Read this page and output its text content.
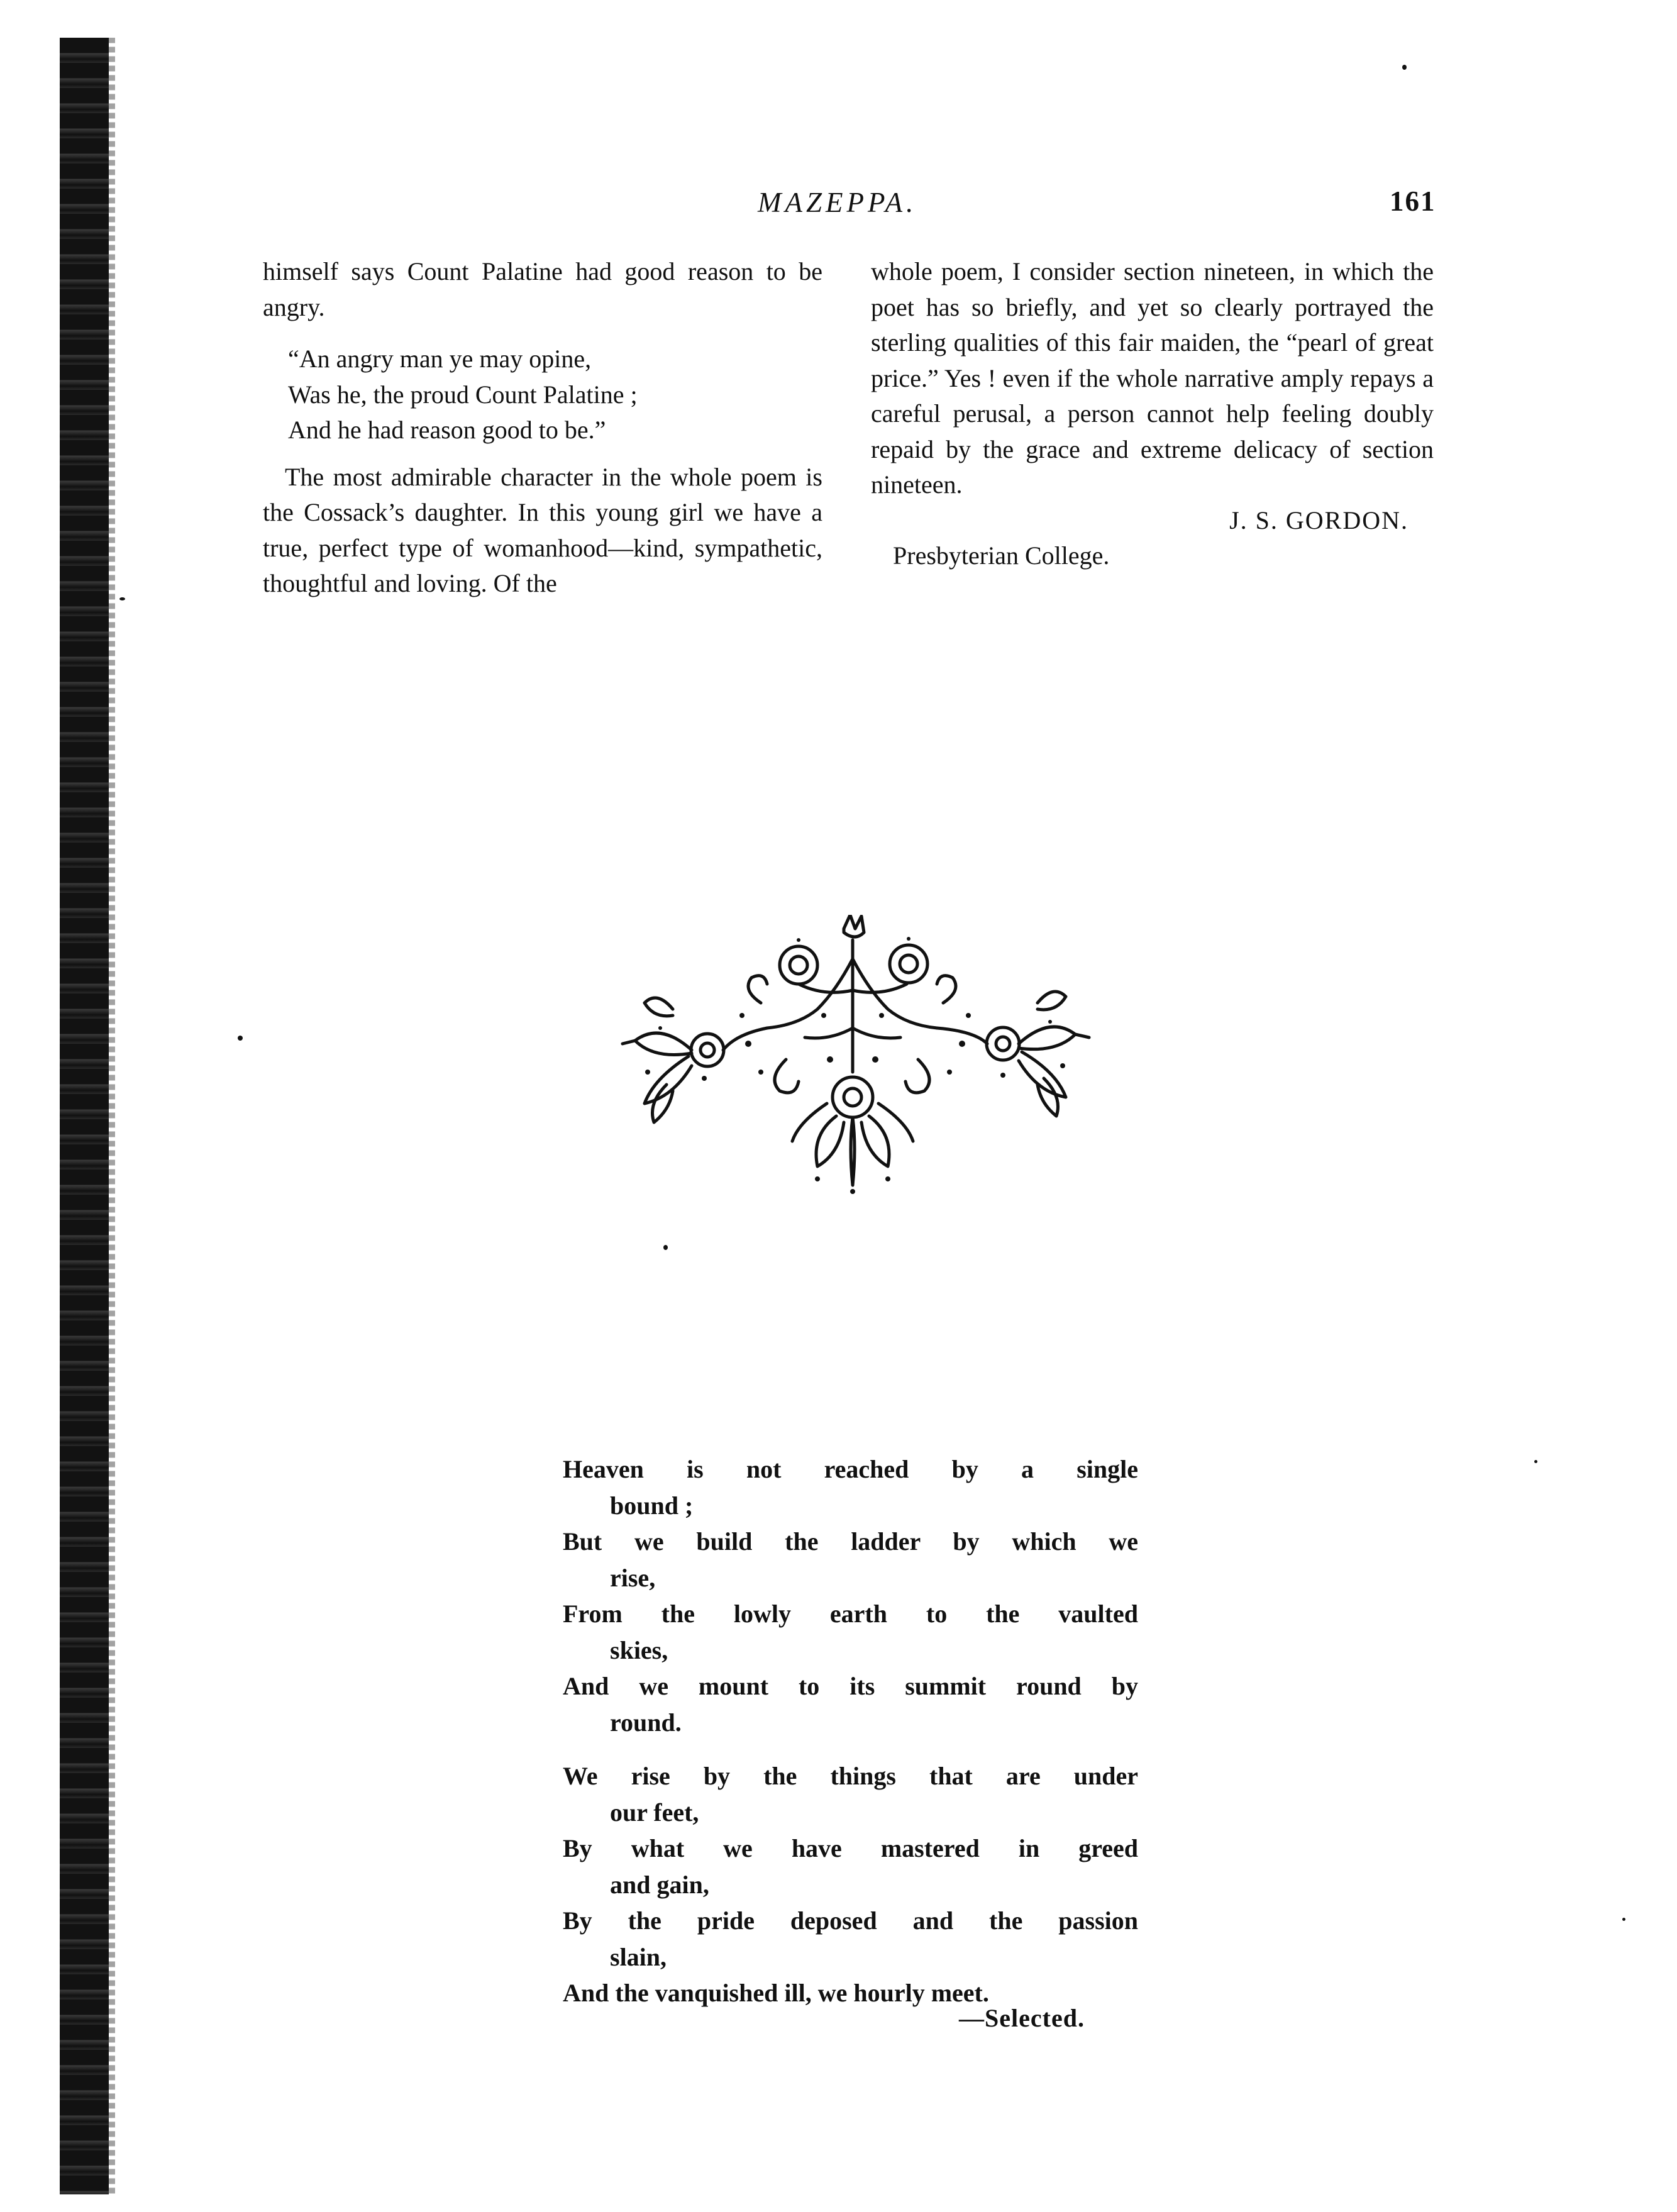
MAZEPPA.	161

himself says Count Palatine had good reason to be angry.

“An angry man ye may opine,
Was he, the proud Count Palatine ;
And he had reason good to be.”

The most admirable character in the whole poem is the Cossack’s daughter. In this young girl we have a true, perfect type of womanhood—kind, sympathetic, thoughtful and loving. Of the

whole poem, I consider section nineteen, in which the poet has so briefly, and yet so clearly portrayed the sterling qualities of this fair maiden, the “pearl of great price.” Yes ! even if the whole narrative amply repays a careful perusal, a person cannot help feeling doubly repaid by the grace and extreme delicacy of section nineteen.

J. S. GORDON.

Presbyterian College.

Heaven is not reached by a single
bound ;
But we build the ladder by which we
rise,
From the lowly earth to the vaulted
skies,
And we mount to its summit round by
round.
We rise by the things that are under
our feet,
By what we have mastered in greed
and gain,
By the pride deposed and the passion
slain,
And the vanquished ill, we hourly meet.
—Selected.
